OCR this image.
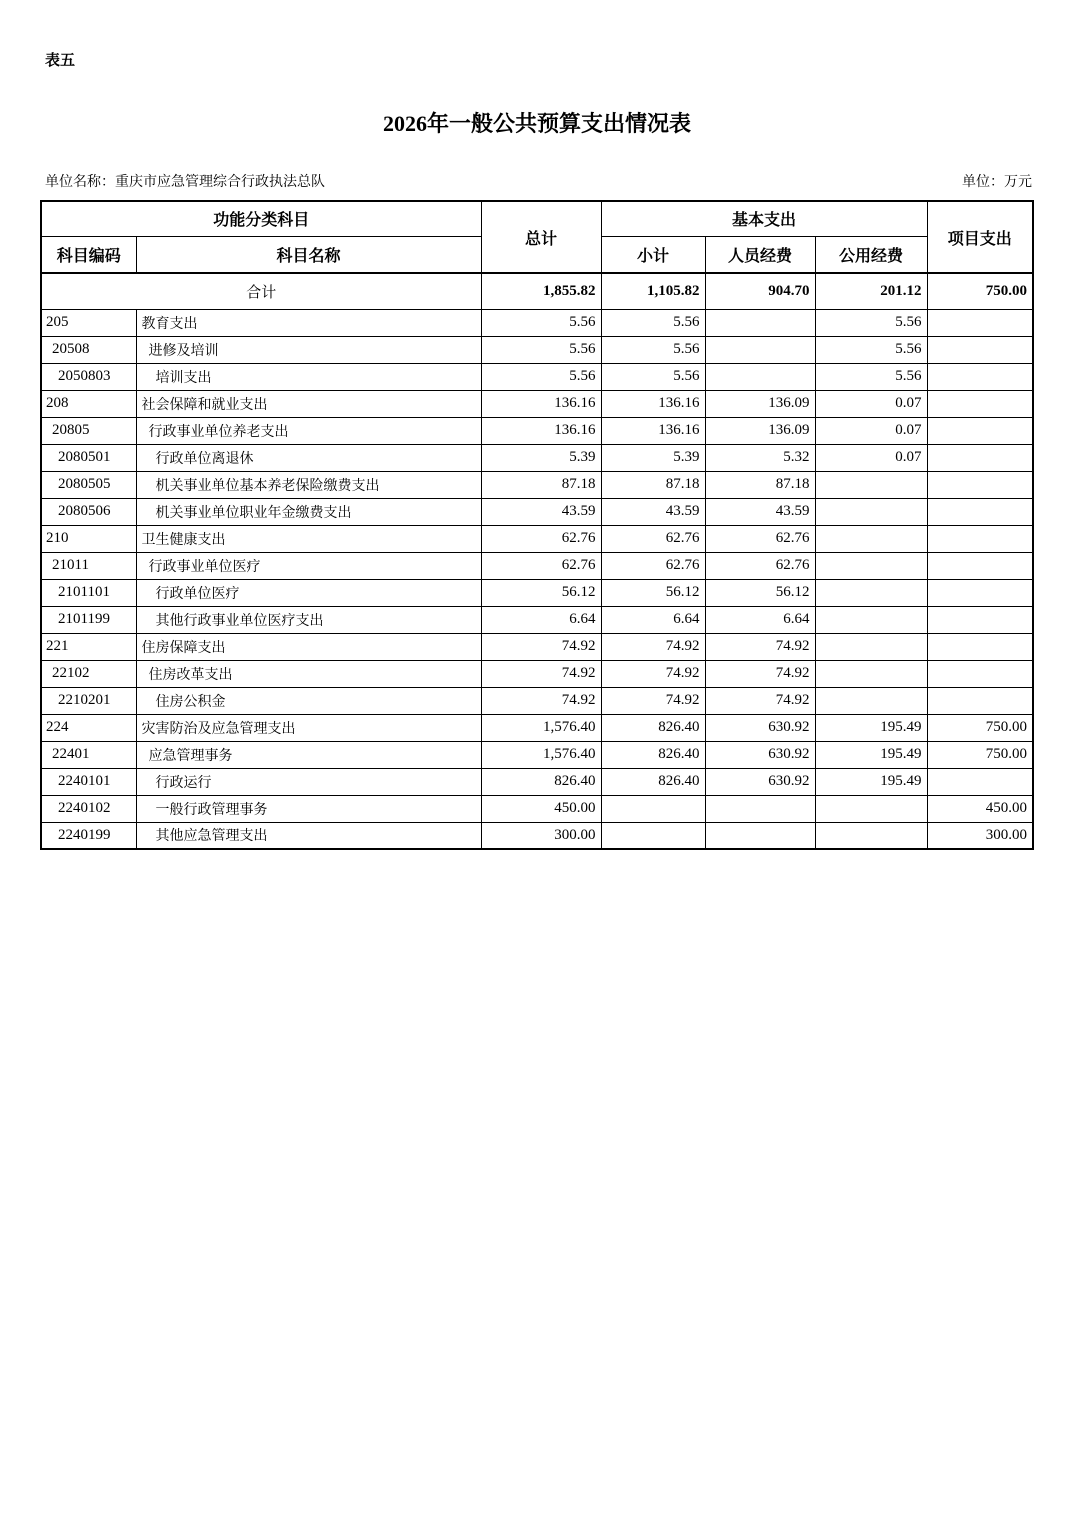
表五
2026年一般公共预算支出情况表
单位名称：重庆市应急管理综合行政执法总队	单位：万元
功能分类科目		总计	基本支出			项目支出
科目编码	科目名称		小计	人员经费	公用经费	
合计		1,855.82	1,105.82	904.70	201.12	750.00
205	教育支出	5.56	5.56		5.56	
20508	进修及培训	5.56	5.56		5.56	
2050803	培训支出	5.56	5.56		5.56	
208	社会保障和就业支出	136.16	136.16	136.09	0.07	
20805	行政事业单位养老支出	136.16	136.16	136.09	0.07	
2080501	行政单位离退休	5.39	5.39	5.32	0.07	
2080505	机关事业单位基本养老保险缴费支出	87.18	87.18	87.18		
2080506	机关事业单位职业年金缴费支出	43.59	43.59	43.59		
210	卫生健康支出	62.76	62.76	62.76		
21011	行政事业单位医疗	62.76	62.76	62.76		
2101101	行政单位医疗	56.12	56.12	56.12		
2101199	其他行政事业单位医疗支出	6.64	6.64	6.64		
221	住房保障支出	74.92	74.92	74.92		
22102	住房改革支出	74.92	74.92	74.92		
2210201	住房公积金	74.92	74.92	74.92		
224	灾害防治及应急管理支出	1,576.40	826.40	630.92	195.49	750.00
22401	应急管理事务	1,576.40	826.40	630.92	195.49	750.00
2240101	行政运行	826.40	826.40	630.92	195.49	
2240102	一般行政管理事务	450.00				450.00
2240199	其他应急管理支出	300.00				300.00
